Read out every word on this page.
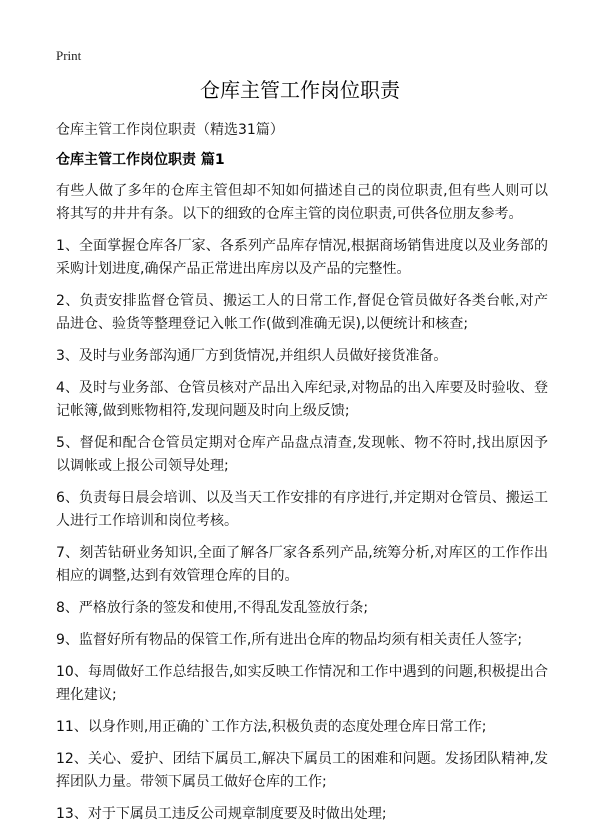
Print
仓库主管工作岗位职责
仓库主管工作岗位职责（精选31篇）
仓库主管工作岗位职责 篇1

有些人做了多年的仓库主管但却不知如何描述自己的岗位职责,但有些人则可以将其写的井井有条。以下的细致的仓库主管的岗位职责,可供各位朋友参考。

1、全面掌握仓库各厂家、各系列产品库存情况,根据商场销售进度以及业务部的采购计划进度,确保产品正常进出库房以及产品的完整性。

2、负责安排监督仓管员、搬运工人的日常工作,督促仓管员做好各类台帐,对产品进仓、验货等整理登记入帐工作(做到准确无误),以便统计和核查;

3、及时与业务部沟通厂方到货情况,并组织人员做好接货准备。

4、及时与业务部、仓管员核对产品出入库纪录,对物品的出入库要及时验收、登记帐簿,做到账物相符,发现问题及时向上级反馈;

5、督促和配合仓管员定期对仓库产品盘点清查,发现帐、物不符时,找出原因予以调帐或上报公司领导处理;

6、负责每日晨会培训、以及当天工作安排的有序进行,并定期对仓管员、搬运工人进行工作培训和岗位考核。

7、刻苦钻研业务知识,全面了解各厂家各系列产品,统筹分析,对库区的工作作出相应的调整,达到有效管理仓库的目的。

8、严格放行条的签发和使用,不得乱发乱签放行条;

9、监督好所有物品的保管工作,所有进出仓库的物品均须有相关责任人签字;

10、每周做好工作总结报告,如实反映工作情况和工作中遇到的问题,积极提出合理化建议;

11、以身作则,用正确的`工作方法,积极负责的态度处理仓库日常工作;

12、关心、爱护、团结下属员工,解决下属员工的困难和问题。发扬团队精神,发挥团队力量。带领下属员工做好仓库的工作;

13、对于下属员工违反公司规章制度要及时做出处理;
